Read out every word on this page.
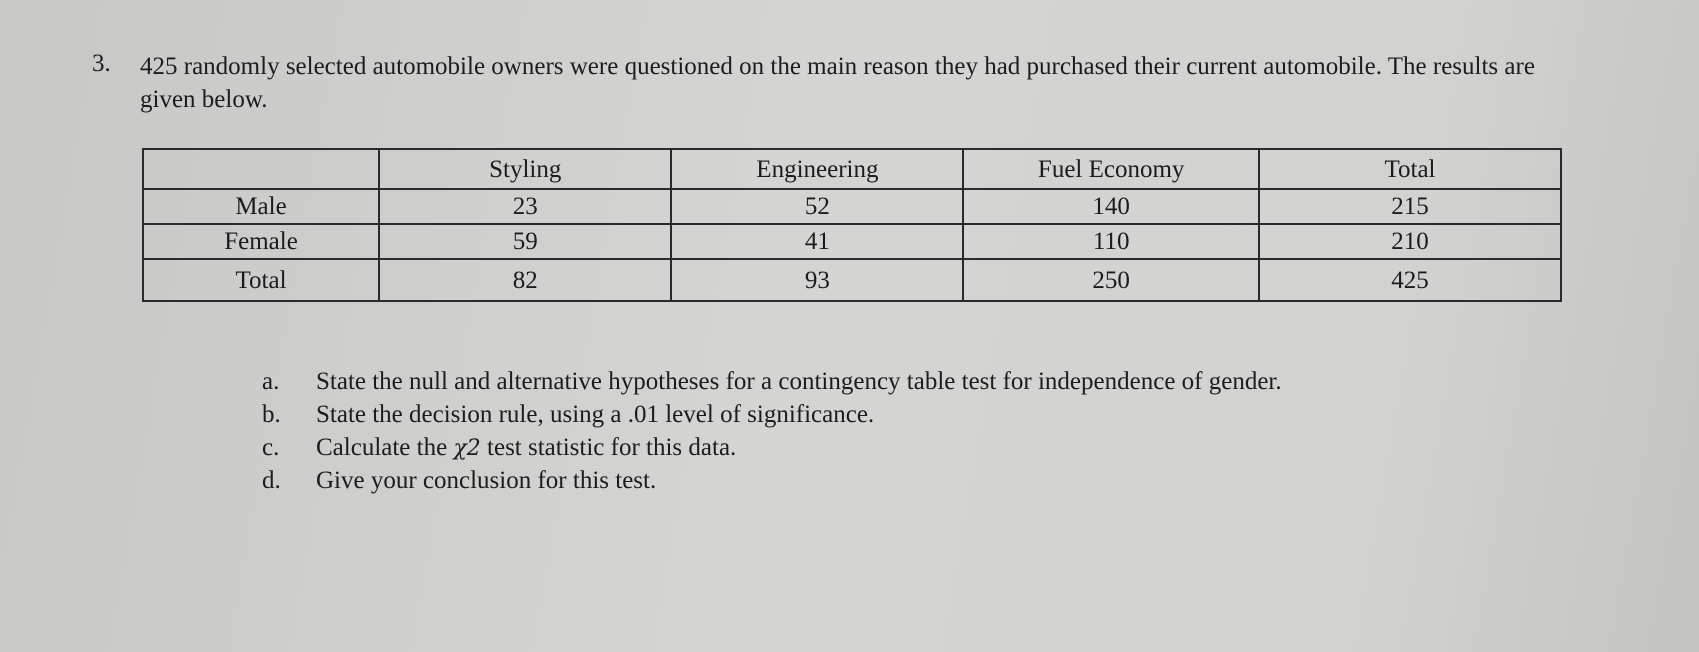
3. 425 randomly selected automobile owners were questioned on the main reason they had purchased their current automobile. The results are given below.
	Styling	Engineering	Fuel Economy	Total
Male	23	52	140	215
Female	59	41	110	210
Total	82	93	250	425
a.	State the null and alternative hypotheses for a contingency table test for independence of gender.
b.	State the decision rule, using a .01 level of significance.
c.	Calculate the χ2 test statistic for this data.
d.	Give your conclusion for this test.
